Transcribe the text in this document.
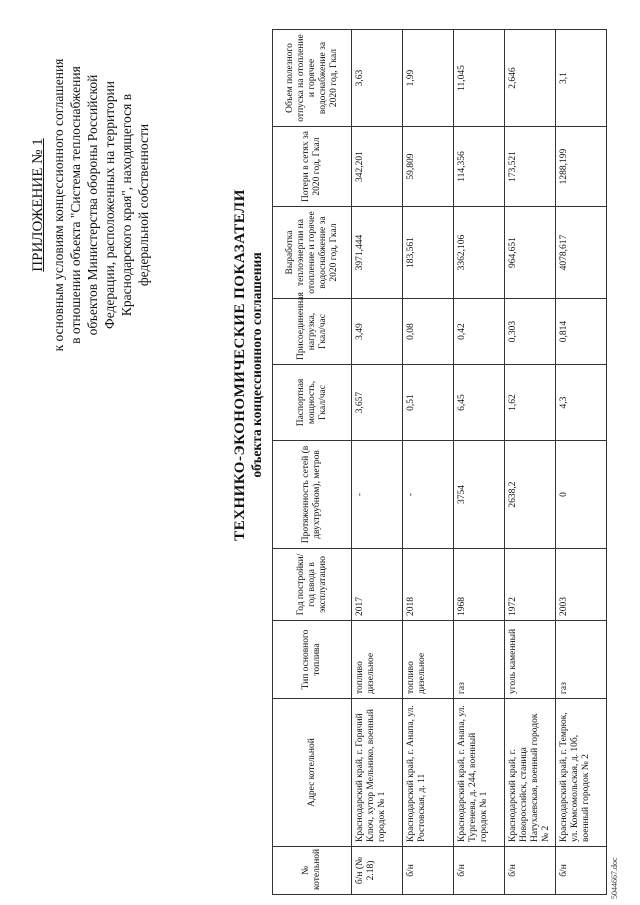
ПРИЛОЖЕНИЕ № 1 к основным условиям концессионного соглашения в отношении объекта "Система теплоснабжения объектов Министерства обороны Российской Федерации, расположенных на территории Краснодарского края", находящегося в федеральной собственности	ТЕХНИКО-ЭКОНОМИЧЕСКИЕ ПОКАЗАТЕЛИ объекта концессионного соглашения
№ котельной	Адрес котельной	Тип основного топлива	Год постройки/год ввода в эксплуатацию	Протяженность сетей (в двухтрубном), метров	Паспортная мощность, Гкал/час	Присоединенная нагрузка, Гкал/час	Выработка теплоэнергии на отопление и горячее водоснабжение за 2020 год, Гкал	Потери в сетях за 2020 год, Гкал	Объем полезного отпуска на отопление и горячее водоснабжение за 2020 год, Гкал
б/н (№ 2.18)	Краснодарский край, г. Горячий Ключ, хутор Мельнико, военный городок № 1	топливо дизельное	2017	-	3,657	3,49	3971,444	342,201	3,63
б/н	Краснодарский край, г. Анапа, ул. Ростовская, д. 11	топливо дизельное	2018	-	0,51	0,08	183,561	59,809	1,99
б/н	Краснодарский край, г. Анапа, ул. Тургенева, д. 244, военный городок № 1	газ	1968	3754	6,45	0,42	3362,106	114,356	11,045
б/н	Краснодарский край, г. Новороссийск, станица Натухаевская, военный городок № 2	уголь каменный	1972	2638,2	1,62	0,303	964,651	173,521	2,646
б/н	Краснодарский край, г. Темрюк, ул. Комсомольская, д. 10б, военный городок № 2	газ	2003	0	4,3	0,814	4078,617	1288,199	3,1
5044667.doc
